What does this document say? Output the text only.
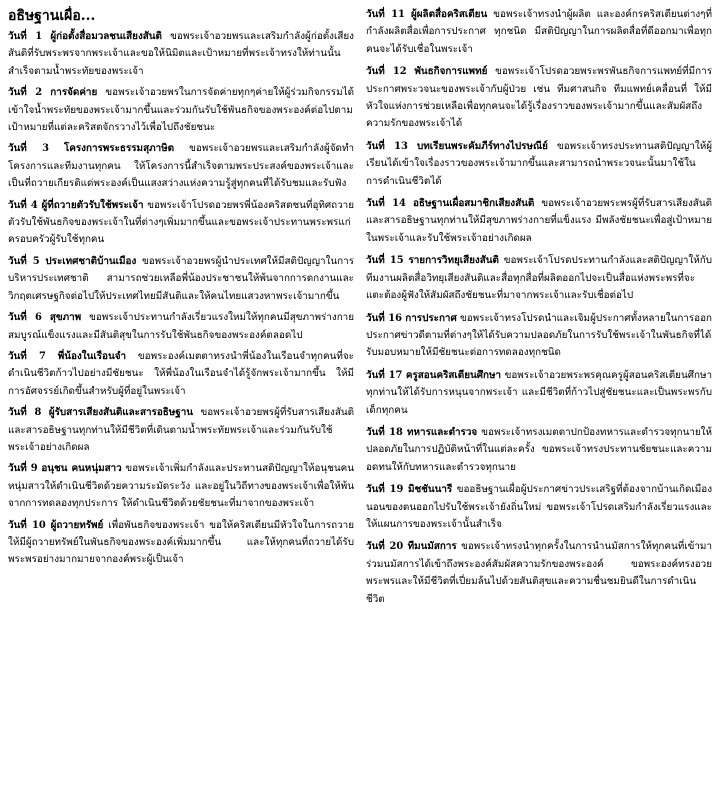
อธิษฐานเผื่อ...

วันที่ 1 ผู้ก่อตั้งสื่อมวลชนเสียงสันติ ขอพระเจ้าอวยพรและเสริมกำลังผู้ก่อตั้งเสียงสันติที่รับพระพรจากพระเจ้าและขอให้นิมิตและเป้าหมายที่พระเจ้าทรงให้ท่านนั้นสำเร็จตามน้ำพระทัยของพระเจ้า

วันที่ 2 การจัดค่าย ขอพระเจ้าอวยพรในการจัดค่ายทุกๆค่ายให้ผู้ร่วมกิจกรรมได้เข้าใจน้ำพระทัยของพระเจ้ามากขึ้นและร่วมกันรับใช้พันธกิจของพระองค์ต่อไปตามเป้าหมายที่แต่ละคริสตจักรวางไว้เพื่อไปถึงชัยชนะ

วันที่ 3 โครงการพระธรรมสุภาษิต ขอพระเจ้าอวยพรและเสริมกำลังผู้จัดทำโครงการและทีมงานทุกคน ให้โครงการนี้สำเร็จตามพระประสงค์ของพระเจ้าและเป็นที่ถวายเกียรติแด่พระองค์เป็นแสงสว่างแห่งความรู้สู่ทุกคนที่ได้รับชมและรับฟัง

วันที่ 4 ผู้ที่ถวายตัวรับใช้พระเจ้า ขอพระเจ้าโปรดอวยพรพี่น้องคริสตชนที่อุทิศถวายตัวรับใช้พันธกิจของพระเจ้าในที่ต่างๆเพิ่มมากขึ้นและขอพระเจ้าประทานพระพรแก่ครอบครัวผู้รับใช้ทุกคน

วันที่ 5 ประเทศชาติบ้านเมือง ขอพระเจ้าอวยพรผู้นำประเทศให้มีสติปัญญาในการบริหารประเทศชาติ สามารถช่วยเหลือพี่น้องประชาชนให้พ้นจากการตกงานและวิกฤตเศรษฐกิจต่อไปให้ประเทศไทยมีสันติและให้คนไทยแสวงหาพระเจ้ามากขึ้น

วันที่ 6 สุขภาพ ขอพระเจ้าประทานกำลังเรี่ยวแรงใหม่ให้ทุกคนมีสุขภาพร่างกายสมบูรณ์แข็งแรงและมีสันติสุขในการรับใช้พันธกิจของพระองค์ตลอดไป

วันที่ 7 พี่น้องในเรือนจำ ขอพระองค์เมตตาทรงนำพี่น้องในเรือนจำทุกคนที่จะดำเนินชีวิตก้าวไปอย่างมีชัยชนะ ให้พี่น้องในเรือนจำได้รู้จักพระเจ้ามากขึ้น ให้มีการอัศจรรย์เกิดขึ้นสำหรับผู้ที่อยู่ในพระเจ้า

วันที่ 8 ผู้รับสารเสียงสันติและสารอธิษฐาน ขอพระเจ้าอวยพรผู้ที่รับสารเสียงสันติและสารอธิษฐานทุกท่านให้มีชีวิตที่เดินตามน้ำพระทัยพระเจ้าและร่วมกันรับใช้พระเจ้าอย่างเกิดผล

วันที่ 9 อนุชน คนหนุ่มสาว ขอพระเจ้าเพิ่มกำลังและประทานสติปัญญาให้อนุชนคนหนุ่มสาวให้ดำเนินชีวิตด้วยความระมัดระวัง และอยู่ในวิถีทางของพระเจ้าเพื่อให้พ้นจากการทดลองทุกประการ ให้ดำเนินชีวิตด้วยชัยชนะที่มาจากของพระเจ้า

วันที่ 10 ผู้ถวายทรัพย์ เพื่อพันธกิจของพระเจ้า ขอให้คริสเตียนมีหัวใจในการถวาย ให้มีผู้ถวายทรัพย์ในพันธกิจของพระองค์เพิ่มมากขึ้น และให้ทุกคนที่ถวายได้รับพระพรอย่างมากมายจากองค์พระผู้เป็นเจ้า

วันที่ 11 ผู้ผลิตสื่อคริสเตียน ขอพระเจ้าทรงนำผู้ผลิต และองค์กรคริสเตียนต่างๆที่กำลังผลิตสื่อเพื่อการประกาศ ทุกชนิด มีสติปัญญาในการผลิตสื่อที่ดีออกมาเพื่อทุกคนจะได้รับเชื่อในพระเจ้า

วันที่ 12 พันธกิจการแพทย์ ขอพระเจ้าโปรดอวยพระพรพันธกิจการแพทย์ที่มีการประกาศพระวจนะของพระเจ้ากับผู้ป่วย เช่น ทีมศาสนกิจ ทีมแพทย์เคลื่อนที่ ให้มีหัวใจแห่งการช่วยเหลือเพื่อทุกคนจะได้รู้เรื่องราวของพระเจ้ามากขึ้นและสัมผัสถึงความรักของพระเจ้าได้

วันที่ 13 บทเรียนพระคัมภีร์ทางไปรษณีย์ ขอพระเจ้าทรงประทานสติปัญญาให้ผู้เรียนได้เข้าใจเรื่องราวของพระเจ้ามากขึ้นและสามารถนำพระวจนะนั้นมาใช้ในการดำเนินชีวิตได้

วันที่ 14 อธิษฐานเผื่อสมาชิกเสียงสันติ ขอพระเจ้าอวยพระพรผู้ที่รับสารเสียงสันติและสารอธิษฐานทุกท่านให้มีสุขภาพร่างกายที่แข็งแรง มีพลังชัยชนะเพื่อสู่เป้าหมายในพระเจ้าและรับใช้พระเจ้าอย่างเกิดผล

วันที่ 15 รายการวิทยุเสียงสันติ ขอพระเจ้าโปรดประทานกำลังและสติปัญญาให้กับทีมงานผลิตสื่อวิทยุเสียงสันติและสื่อทุกสื่อที่ผลิตออกไปจะเป็นสื่อแห่งพระพรที่จะแตะต้องผู้ฟังให้สัมผัสถึงชัยชนะที่มาจากพระเจ้าและรับเชื่อต่อไป

วันที่ 16 การประกาศ ขอพระเจ้าทรงโปรดนำและเจิมผู้ประกาศทั้งหลายในการออกประกาศข่าวดีตามที่ต่างๆให้ได้รับความปลอดภัยในการรับใช้พระเจ้าในพันธกิจที่ได้รับมอบหมายให้มีชัยชนะต่อการทดลองทุกชนิด

วันที่ 17 ครูสอนคริสเตียนศึกษา ขอพระเจ้าอวยพระพรคุณครูผู้สอนคริสเตียนศึกษาทุกท่านให้ได้รับการหนุนจากพระเจ้า และมีชีวิตที่ก้าวไปสู่ชัยชนะและเป็นพระพรกับเด็กทุกคน

วันที่ 18 ทหารและตำรวจ ขอพระเจ้าทรงเมตตาปกป้องทหารและตำรวจทุกนายให้ปลอดภัยในการปฏิบัติหน้าที่ในแต่ละครั้ง ขอพระเจ้าทรงประทานชัยชนะและความอดทนให้กับทหารและตำรวจทุกนาย

วันที่ 19 มิชชันนารี ขออธิษฐานเผื่อผู้ประกาศข่าวประเสริฐที่ต้องจากบ้านเกิดเมืองนอนของตนออกไปรับใช้พระเจ้ายังถิ่นใหม่ ขอพระเจ้าโปรดเสริมกำลังเรี่ยวแรงและให้แผนการของพระเจ้านั้นสำเร็จ

วันที่ 20 ทีมนมัสการ ขอพระเจ้าทรงนำทุกครั้งในการนำนมัสการให้ทุกคนที่เข้ามาร่วมนมัสการได้เข้าถึงพระองค์สัมผัสความรักของพระองค์ ขอพระองค์ทรงอวยพระพรและให้มีชีวิตที่เปี่ยมล้นไปด้วยสันติสุขและความชื่นชมยินดีในการดำเนินชีวิต
